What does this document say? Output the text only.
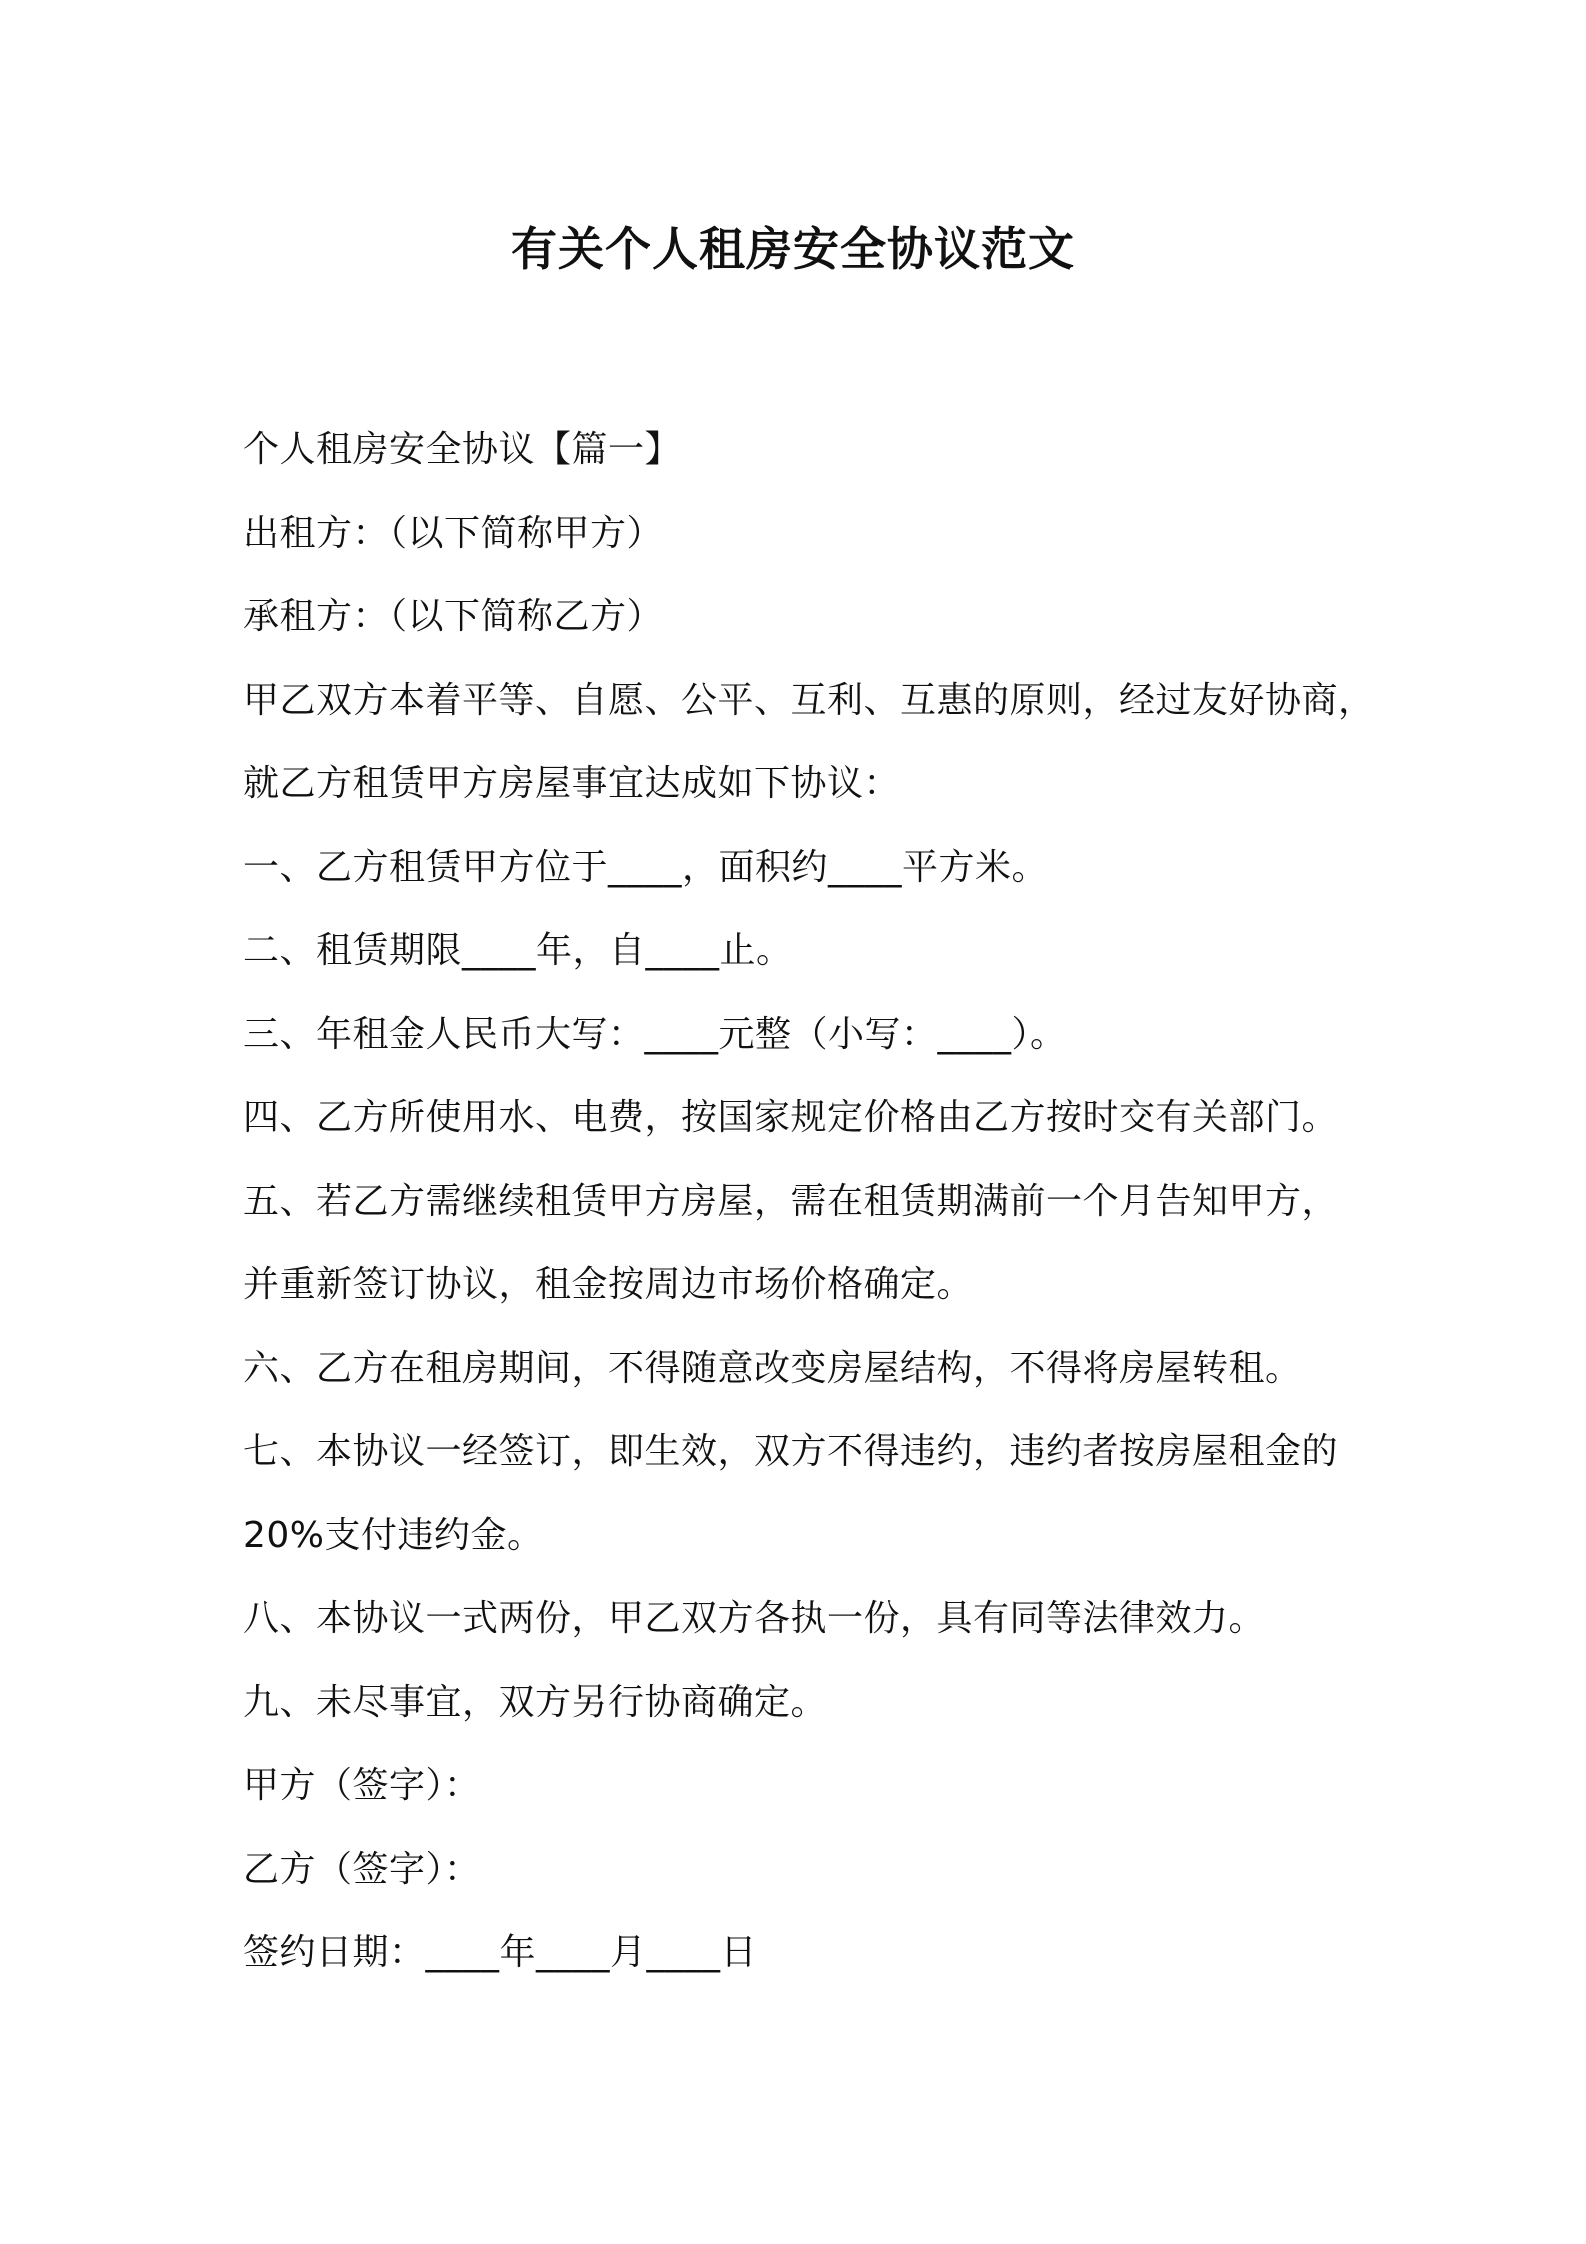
有关个人租房安全协议范文
个人租房安全协议【篇一】
出租方：（以下简称甲方）
承租方：（以下简称乙方）
甲乙双方本着平等、自愿、公平、互利、互惠的原则，经过友好协商，
就乙方租赁甲方房屋事宜达成如下协议：
一、乙方租赁甲方位于____，面积约____平方米。
二、租赁期限____年，自____止。
三、年租金人民币大写：____元整（小写：____）。
四、乙方所使用水、电费，按国家规定价格由乙方按时交有关部门。
五、若乙方需继续租赁甲方房屋，需在租赁期满前一个月告知甲方，
并重新签订协议，租金按周边市场价格确定。
六、乙方在租房期间，不得随意改变房屋结构，不得将房屋转租。
七、本协议一经签订，即生效，双方不得违约，违约者按房屋租金的
20%支付违约金。
八、本协议一式两份，甲乙双方各执一份，具有同等法律效力。
九、未尽事宜，双方另行协商确定。
甲方（签字）：
乙方（签字）：
签约日期：____年____月____日
